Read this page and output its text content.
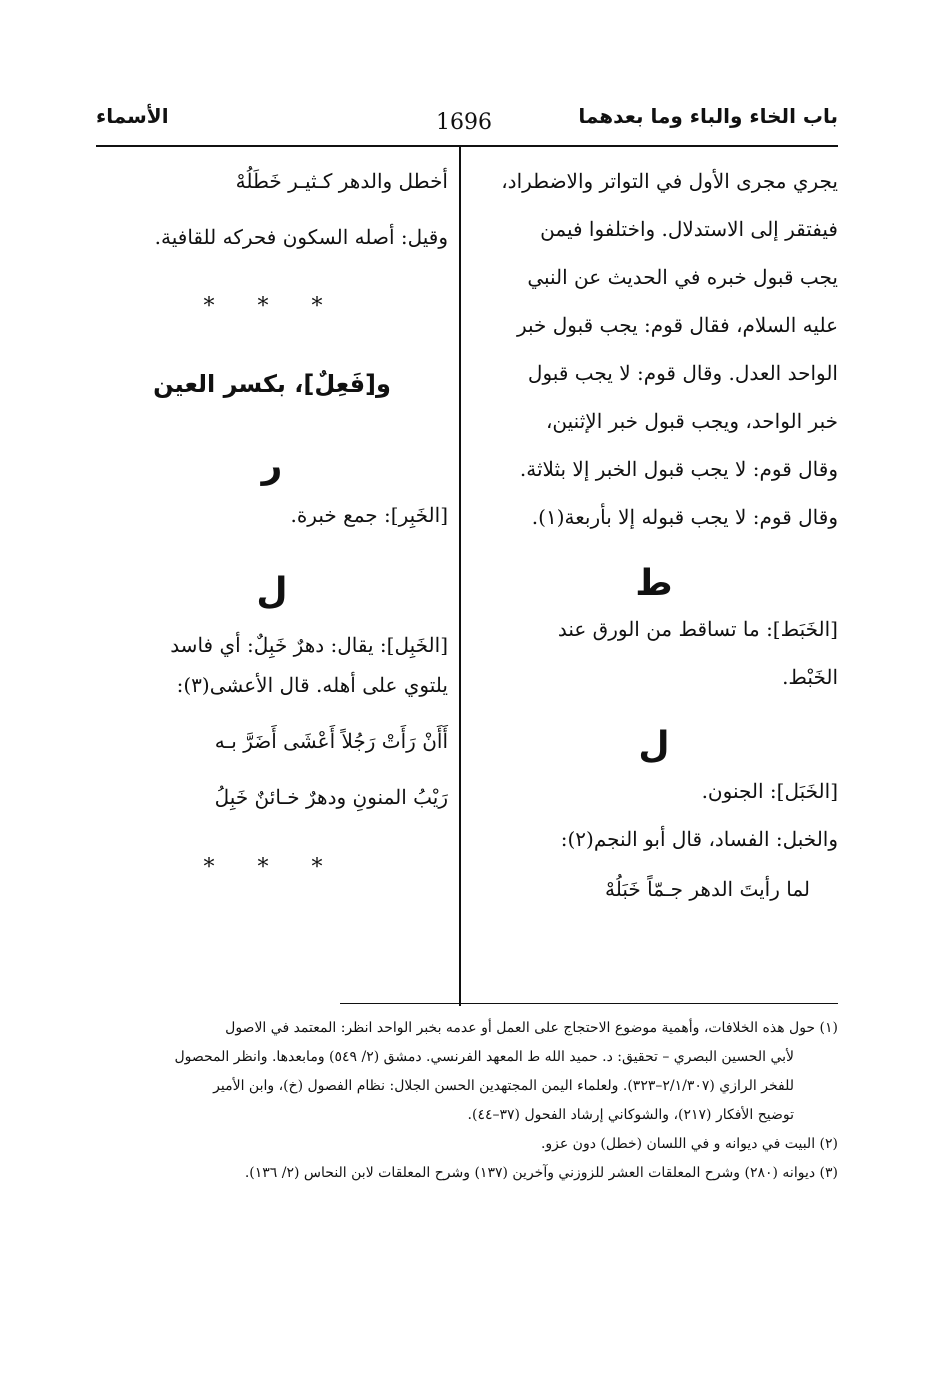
باب الخاء والباء وما بعدهما
1696
الأسماء
يجري مجرى الأول في التواتر والاضطراد،
فيفتقر إلى الاستدلال. واختلفوا فيمن
يجب قبول خبره في الحديث عن النبي
عليه السلام، فقال قوم: يجب قبول خبر
الواحد العدل. وقال قوم: لا يجب قبول
خبر الواحد، ويجب قبول خبر الإثنين،
وقال قوم: لا يجب قبول الخبر إلا بثلاثة.
وقال قوم: لا يجب قبوله إلا بأربعة(١).
ط
[الخَبَط]: ما تساقط من الورق عند
الخَبْط.
ل
[الخَبَل]: الجنون.
والخبل: الفساد، قال أبو النجم(٢):
لما رأيتَ الدهر جـمّاً خَبَلُهْ
أخطل والدهر كـثيـر خَطَلُهْ
وقيل: أصله السكون فحركه للقافية.
* * *
و[فَعِلٌ]، بكسر العين
ر
[الخَبِر]: جمع خبرة.
ل
[الخَبِل]: يقال: دهرٌ خَبِلٌ: أي فاسد
يلتوي على أهله. قال الأعشى(٣):
أَأَنْ رَأَتْ رَجُلاً أَعْشَى أَضَرَّ بـه
رَيْبُ المنونِ ودهرٌ خـائنٌ خَبِلُ
* * *
(١) حول هذه الخلافات، وأهمية موضوع الاحتجاج على العمل أو عدمه بخبر الواحد انظر: المعتمد في الاصول
لأبي الحسين البصري – تحقيق: د. حميد الله ط المعهد الفرنسي. دمشق (٢/ ٥٤٩) ومابعدها. وانظر المحصول
للفخر الرازي (٢/١/٣٠٧–٣٢٣). ولعلماء اليمن المجتهدين الحسن الجلال: نظام الفصول (خ)، وابن الأمير
توضيح الأفكار (٢١٧)، والشوكاني إرشاد الفحول (٣٧–٤٤).
(٢) البيت في ديوانه و في اللسان (خطل) دون عزو.
(٣) ديوانه (٢٨٠) وشرح المعلقات العشر للزوزني وآخرين (١٣٧) وشرح المعلقات لابن النحاس (٢/ ١٣٦).
